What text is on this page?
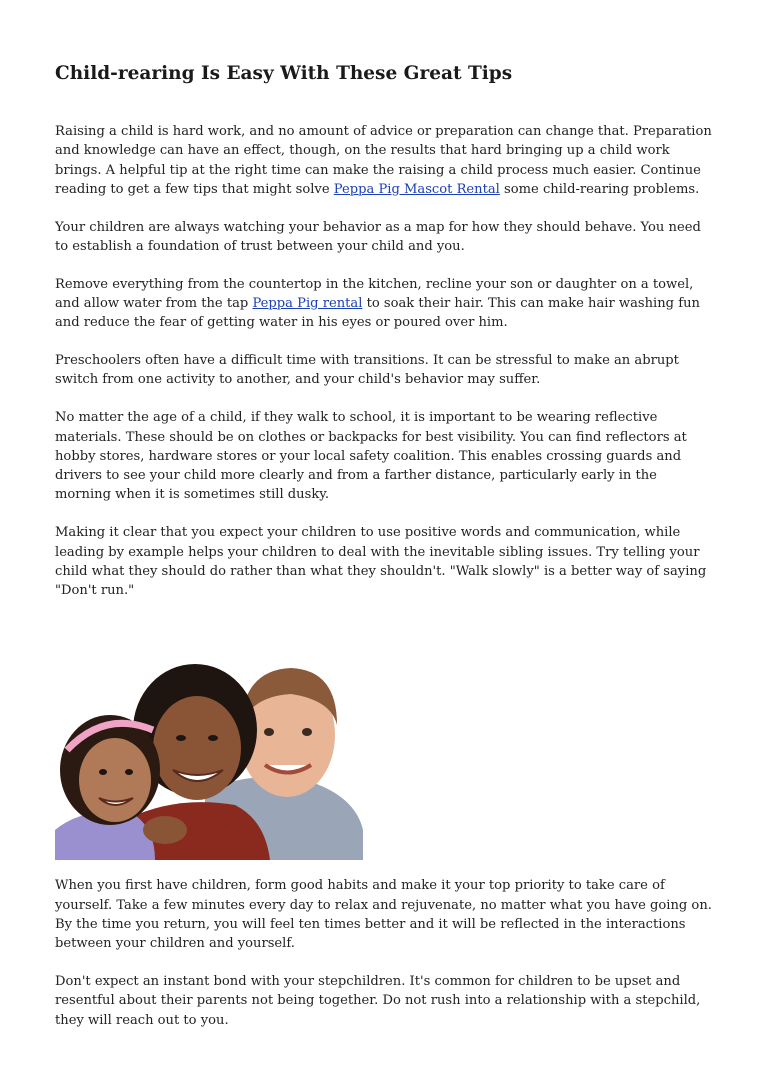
Child-rearing Is Easy With These Great Tips

Raising a child is hard work, and no amount of advice or preparation can change that. Preparation and knowledge can have an effect, though, on the results that hard bringing up a child work brings. A helpful tip at the right time can make the raising a child process much easier. Continue reading to get a few tips that might solve Peppa Pig Mascot Rental some child-rearing problems.

Your children are always watching your behavior as a map for how they should behave. You need to establish a foundation of trust between your child and you.

Remove everything from the countertop in the kitchen, recline your son or daughter on a towel, and allow water from the tap Peppa Pig rental to soak their hair. This can make hair washing fun and reduce the fear of getting water in his eyes or poured over him.

Preschoolers often have a difficult time with transitions. It can be stressful to make an abrupt switch from one activity to another, and your child's behavior may suffer.

No matter the age of a child, if they walk to school, it is important to be wearing reflective materials. These should be on clothes or backpacks for best visibility. You can find reflectors at hobby stores, hardware stores or your local safety coalition. This enables crossing guards and drivers to see your child more clearly and from a farther distance, particularly early in the morning when it is sometimes still dusky.

Making it clear that you expect your children to use positive words and communication, while leading by example helps your children to deal with the inevitable sibling issues. Try telling your child what they should do rather than what they shouldn't. "Walk slowly" is a better way of saying "Don't run."

When you first have children, form good habits and make it your top priority to take care of yourself. Take a few minutes every day to relax and rejuvenate, no matter what you have going on. By the time you return, you will feel ten times better and it will be reflected in the interactions between your children and yourself.

Don't expect an instant bond with your stepchildren. It's common for children to be upset and resentful about their parents not being together. Do not rush into a relationship with a stepchild, they will reach out to you.
